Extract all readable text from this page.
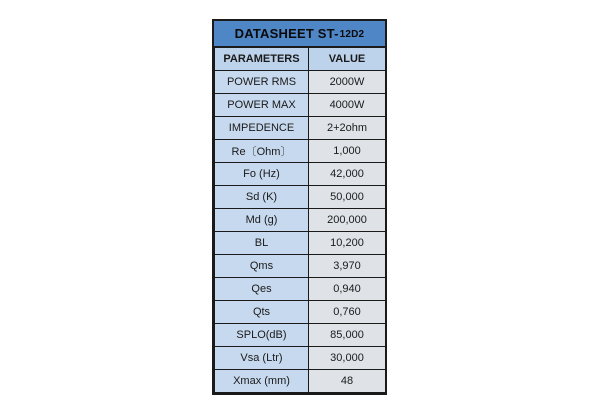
DATASHEET ST- 12D2
PARAMETERS	VALUE
POWER RMS	2000W
POWER MAX	4000W
IMPEDENCE	2+2ohm
Re〔Ohm〕	1,000
Fo (Hz)	42,000
Sd (K)	50,000
Md (g)	200,000
BL	10,200
Qms	3,970
Qes	0,940
Qts	0,760
SPLO(dB)	85,000
Vsa (Ltr)	30,000
Xmax (mm)	48
